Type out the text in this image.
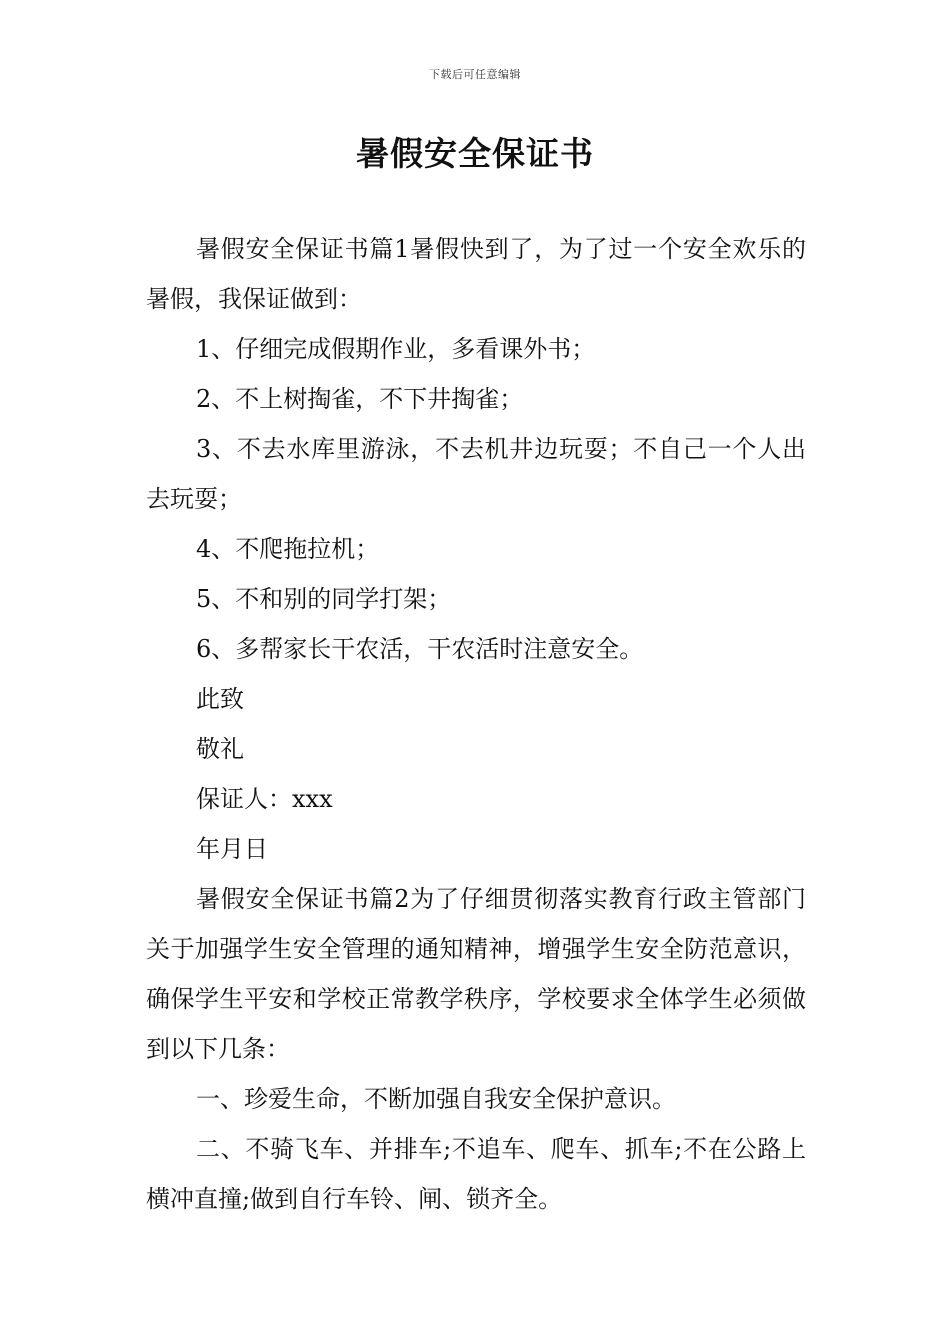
下载后可任意编辑
暑假安全保证书

暑假安全保证书篇1暑假快到了，为了过一个安全欢乐的暑假，我保证做到：

1、仔细完成假期作业，多看课外书；

2、不上树掏雀，不下井掏雀；

3、不去水库里游泳，不去机井边玩耍；不自己一个人出去玩耍；

4、不爬拖拉机；

5、不和别的同学打架；

6、多帮家长干农活，干农活时注意安全。

此致

敬礼

保证人：xxx

年月日

暑假安全保证书篇2为了仔细贯彻落实教育行政主管部门关于加强学生安全管理的通知精神，增强学生安全防范意识，确保学生平安和学校正常教学秩序，学校要求全体学生必须做到以下几条：

一、珍爱生命，不断加强自我安全保护意识。

二、不骑飞车、并排车;不追车、爬车、抓车;不在公路上横冲直撞;做到自行车铃、闸、锁齐全。
